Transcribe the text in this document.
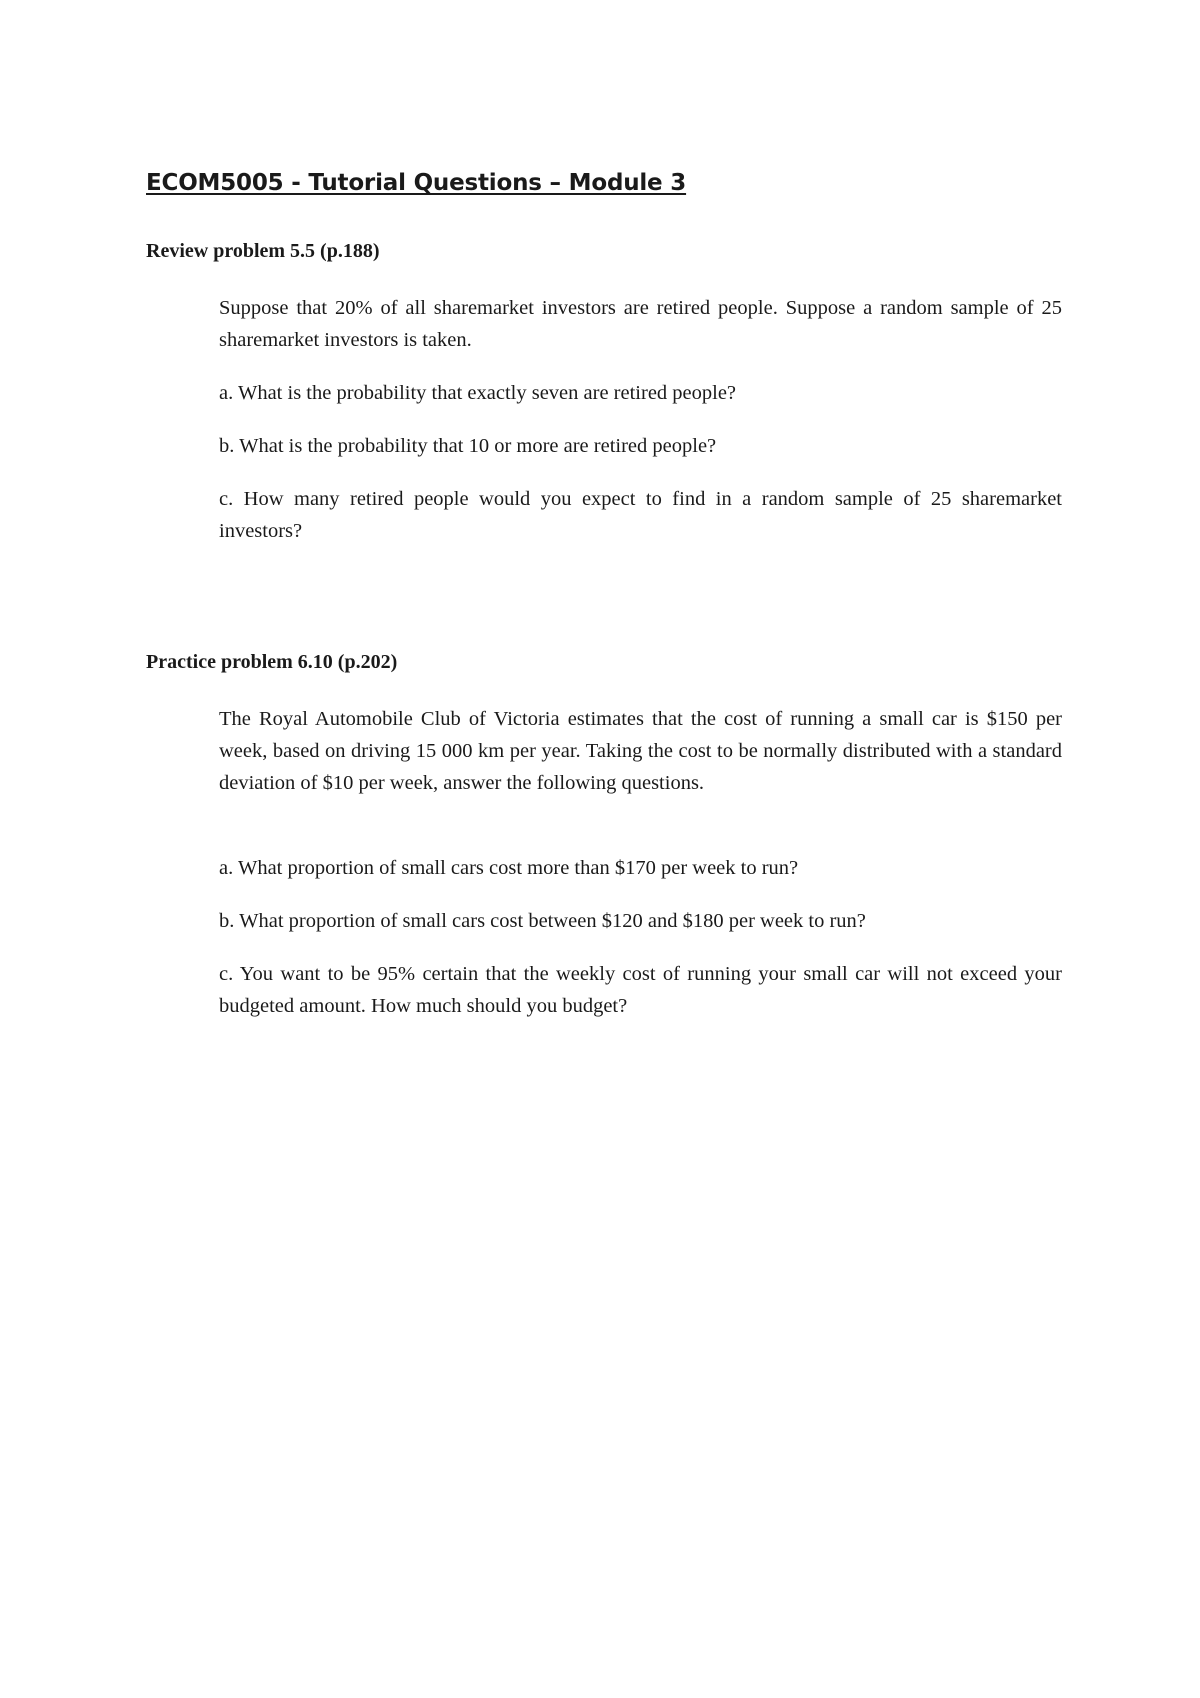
ECOM5005 - Tutorial Questions – Module 3
Review problem 5.5 (p.188)

Suppose that 20% of all sharemarket investors are retired people. Suppose a random sample of 25 sharemarket investors is taken.

a. What is the probability that exactly seven are retired people?

b. What is the probability that 10 or more are retired people?

c. How many retired people would you expect to find in a random sample of 25 sharemarket investors?

Practice problem 6.10 (p.202)

The Royal Automobile Club of Victoria estimates that the cost of running a small car is $150 per week, based on driving 15 000 km per year. Taking the cost to be normally distributed with a standard deviation of $10 per week, answer the following questions.

a. What proportion of small cars cost more than $170 per week to run?

b. What proportion of small cars cost between $120 and $180 per week to run?

c. You want to be 95% certain that the weekly cost of running your small car will not exceed your budgeted amount. How much should you budget?
